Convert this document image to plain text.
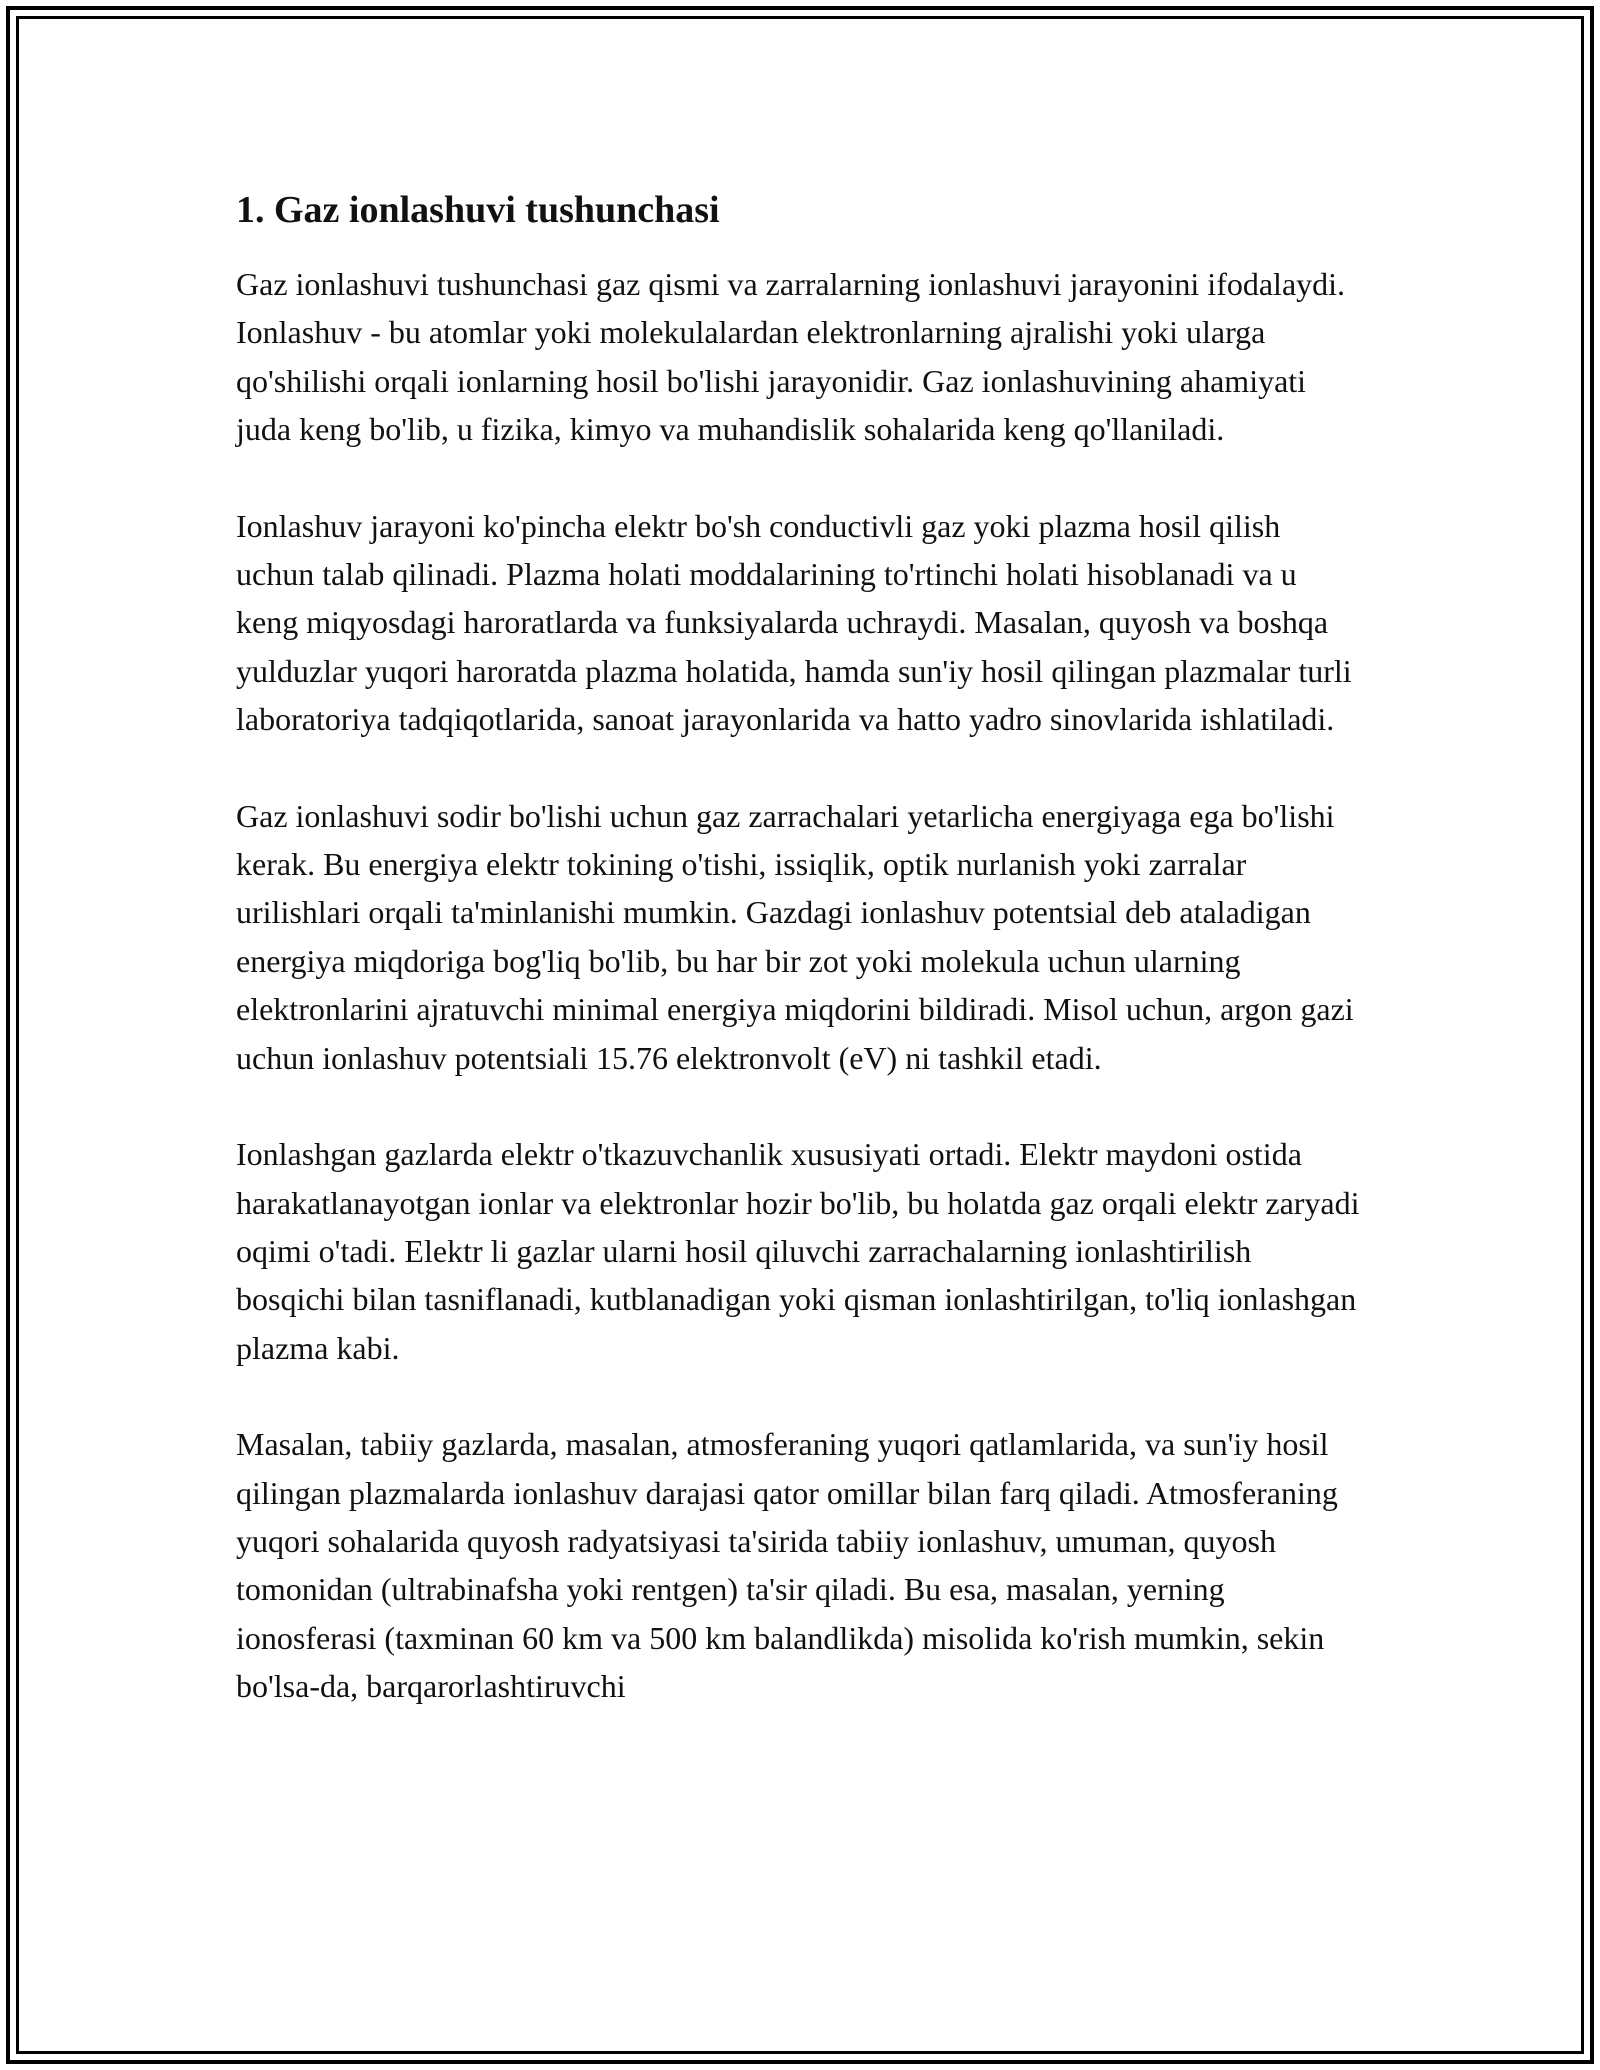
1. Gaz ionlashuvi tushunchasi

Gaz ionlashuvi tushunchasi gaz qismi va zarralarning ionlashuvi jarayonini ifodalaydi. Ionlashuv - bu atomlar yoki molekulalardan elektronlarning ajralishi yoki ularga qo'shilishi orqali ionlarning hosil bo'lishi jarayonidir. Gaz ionlashuvining ahamiyati juda keng bo'lib, u fizika, kimyo va muhandislik sohalarida keng qo'llaniladi.

Ionlashuv jarayoni ko'pincha elektr bo'sh conductivli gaz yoki plazma hosil qilish uchun talab qilinadi. Plazma holati moddalarining to'rtinchi holati hisoblanadi va u keng miqyosdagi haroratlarda va funksiyalarda uchraydi. Masalan, quyosh va boshqa yulduzlar yuqori haroratda plazma holatida, hamda sun'iy hosil qilingan plazmalar turli laboratoriya tadqiqotlarida, sanoat jarayonlarida va hatto yadro sinovlarida ishlatiladi.

Gaz ionlashuvi sodir bo'lishi uchun gaz zarrachalari yetarlicha energiyaga ega bo'lishi kerak. Bu energiya elektr tokining o'tishi, issiqlik, optik nurlanish yoki zarralar urilishlari orqali ta'minlanishi mumkin. Gazdagi ionlashuv potentsial deb ataladigan energiya miqdoriga bog'liq bo'lib, bu har bir zot yoki molekula uchun ularning elektronlarini ajratuvchi minimal energiya miqdorini bildiradi. Misol uchun, argon gazi uchun ionlashuv potentsiali 15.76 elektronvolt (eV) ni tashkil etadi.

Ionlashgan gazlarda elektr o'tkazuvchanlik xususiyati ortadi. Elektr maydoni ostida harakatlanayotgan ionlar va elektronlar hozir bo'lib, bu holatda gaz orqali elektr zaryadi oqimi o'tadi. Elektr li gazlar ularni hosil qiluvchi zarrachalarning ionlashtirilish bosqichi bilan tasniflanadi, kutblanadigan yoki qisman ionlashtirilgan, to'liq ionlashgan plazma kabi.

Masalan, tabiiy gazlarda, masalan, atmosferaning yuqori qatlamlarida, va sun'iy hosil qilingan plazmalarda ionlashuv darajasi qator omillar bilan farq qiladi. Atmosferaning yuqori sohalarida quyosh radyatsiyasi ta'sirida tabiiy ionlashuv, umuman, quyosh tomonidan (ultrabinafsha yoki rentgen) ta'sir qiladi. Bu esa, masalan, yerning ionosferasi (taxminan 60 km va 500 km balandlikda) misolida ko'rish mumkin, sekin bo'lsa-da, barqarorlashtiruvchi
